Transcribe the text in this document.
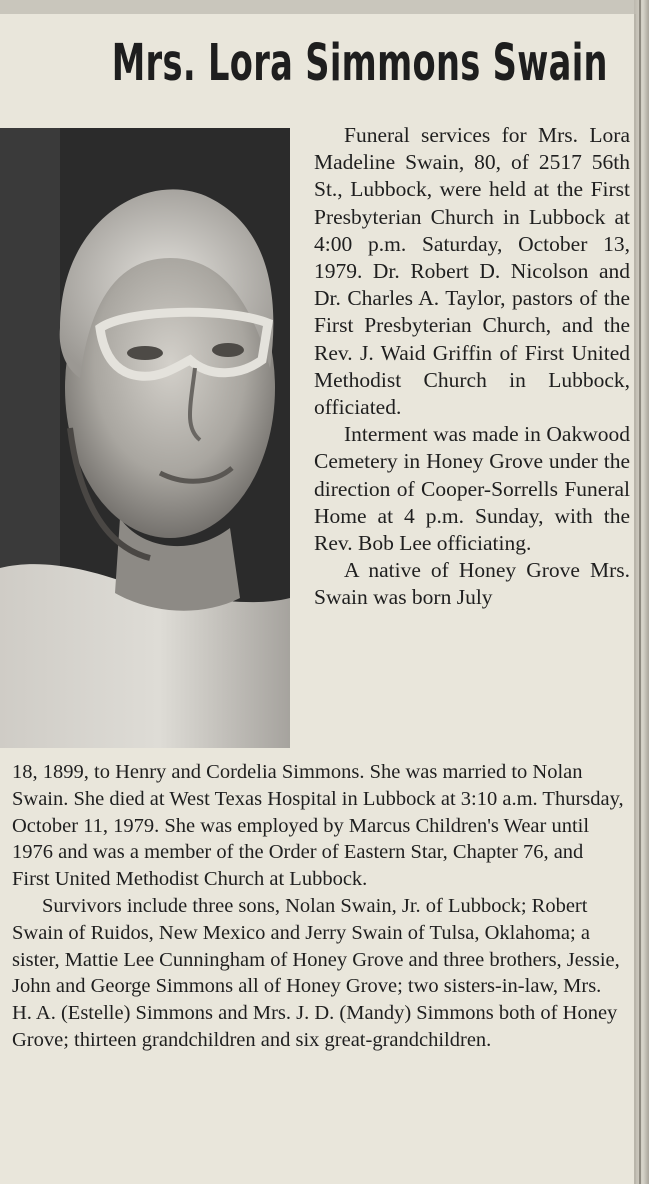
Mrs. Lora Simmons Swain

Funeral services for Mrs. Lora Madeline Swain, 80, of 2517 56th St., Lubbock, were held at the First Presbyterian Church in Lubbock at 4:00 p.m. Saturday, October 13, 1979. Dr. Robert D. Nicolson and Dr. Charles A. Taylor, pastors of the First Presbyterian Church, and the Rev. J. Waid Griffin of First United Methodist Church in Lubbock, officiated.

Interment was made in Oakwood Cemetery in Honey Grove under the direction of Cooper-Sorrells Funeral Home at 4 p.m. Sunday, with the Rev. Bob Lee officiating.

A native of Honey Grove Mrs. Swain was born July

18, 1899, to Henry and Cordelia Simmons. She was married to Nolan Swain. She died at West Texas Hospital in Lubbock at 3:10 a.m. Thursday, October 11, 1979. She was employed by Marcus Children's Wear until 1976 and was a member of the Order of Eastern Star, Chapter 76, and First United Methodist Church at Lubbock.

Survivors include three sons, Nolan Swain, Jr. of Lubbock; Robert Swain of Ruidos, New Mexico and Jerry Swain of Tulsa, Oklahoma; a sister, Mattie Lee Cunningham of Honey Grove and three brothers, Jessie, John and George Simmons all of Honey Grove; two sisters-in-law, Mrs. H. A. (Estelle) Simmons and Mrs. J. D. (Mandy) Simmons both of Honey Grove; thirteen grandchildren and six great-grandchildren.
